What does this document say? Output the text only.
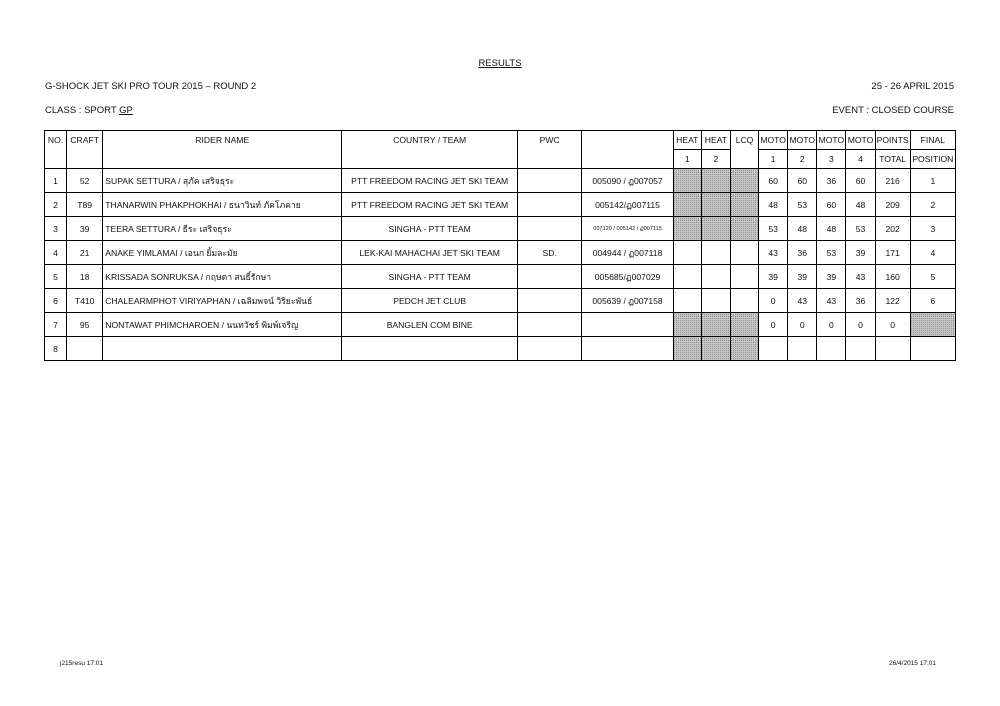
RESULTS
G-SHOCK JET SKI PRO TOUR 2015 – ROUND 2	25 - 26 APRIL 2015
CLASS : SPORT GP	EVENT : CLOSED COURSE
NO.	CRAFT	RIDER NAME	COUNTRY / TEAM	PWC		HEAT	HEAT	LCQ	MOTO	MOTO	MOTO	MOTO	POINTS	FINAL
						1	2		1	2	3	4	TOTAL	POSITION
1	52	SUPAK SETTURA / สุภัค เสริจธุระ	PTT FREEDOM RACING JET SKI TEAM		005090 / ฏ007057				60	60	36	60	216	1
2	T89	THANARWIN PHAKPHOKHAI / ธนาวินท์ ภัคโภคาย	PTT FREEDOM RACING JET SKI TEAM		005142/ฏ007115				48	53	60	48	209	2
3	39	TEERA SETTURA / ธีระ เสริจธุระ	SINGHA - PTT TEAM		007120 / 005142 / ฏ007115				53	48	48	53	202	3
4	21	ANAKE YIMLAMAI / เอนก ยิ้มละมัย	LEK-KAI MAHACHAI JET SKI TEAM	SD.	004944 / ฏ007118				43	36	53	39	171	4
5	18	KRISSADA SONRUKSA / กฤษดา สนธิ์รักษา	SINGHA - PTT TEAM		005685/ฏ007029				39	39	39	43	160	5
6	T410	CHALEARMPHOT VIRIYAPHAN / เฉลิมพจน์ วิริยะพันธ์	PEDCH JET CLUB		005639 / ฏ007158				0	43	43	36	122	6
7	95	NONTAWAT PHIMCHAROEN / นนทวัชร์ พิมพ์เจริญ	BANGLEN COM BINE						0	0	0	0	0	
8														
j215resu 17:01	26/4/2015 17:01
